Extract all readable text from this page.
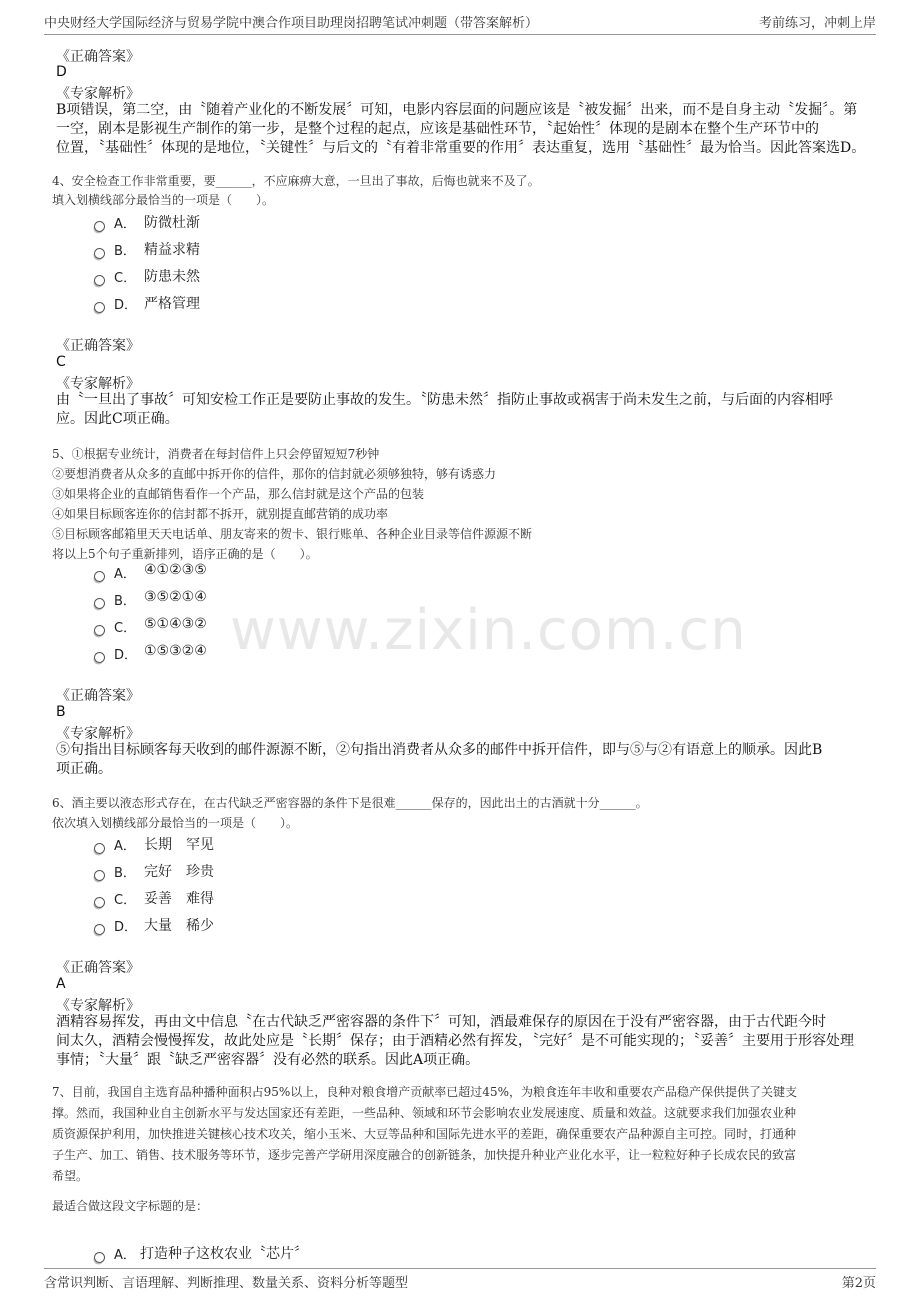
中央财经大学国际经济与贸易学院中澳合作项目助理岗招聘笔试冲刺题（带答案解析）	考前练习，冲刺上岸
《正确答案》
D
《专家解析》
B项错误，第二空，由〝随着产业化的不断发展〞可知，电影内容层面的问题应该是〝被发掘〞出来，而不是自身主动〝发掘〞。第
一空，剧本是影视生产制作的第一步，是整个过程的起点，应该是基础性环节，〝起始性〞体现的是剧本在整个生产环节中的
位置，〝基础性〞体现的是地位，〝关键性〞与后文的〝有着非常重要的作用〞表达重复，选用〝基础性〞最为恰当。因此答案选D。
4、安全检查工作非常重要，要______，不应麻痹大意，一旦出了事故，后悔也就来不及了。
填入划横线部分最恰当的一项是（　　）。
A． 防微杜渐
B． 精益求精
C． 防患未然
D． 严格管理
《正确答案》
C
《专家解析》
由〝一旦出了事故〞可知安检工作正是要防止事故的发生。〝防患未然〞指防止事故或祸害于尚未发生之前，与后面的内容相呼
应。因此C项正确。
5、①根据专业统计，消费者在每封信件上只会停留短短7秒钟
②要想消费者从众多的直邮中拆开你的信件，那你的信封就必须够独特，够有诱惑力
③如果将企业的直邮销售看作一个产品，那么信封就是这个产品的包装
④如果目标顾客连你的信封都不拆开，就别提直邮营销的成功率
⑤目标顾客邮箱里天天电话单、朋友寄来的贺卡、银行账单、各种企业目录等信件源源不断
将以上5个句子重新排列，语序正确的是（　　）。
A． ④①②③⑤
B． ③⑤②①④
C． ⑤①④③②
D． ①⑤③②④ www.zixin.com.cn
《正确答案》
B
《专家解析》
⑤句指出目标顾客每天收到的邮件源源不断，②句指出消费者从众多的邮件中拆开信件，即与⑤与②有语意上的顺承。因此B
项正确。
6、酒主要以液态形式存在，在古代缺乏严密容器的条件下是很难______保存的，因此出土的古酒就十分______。
依次填入划横线部分最恰当的一项是（　　）。
A． 长期　罕见
B． 完好　珍贵
C． 妥善　难得
D． 大量　稀少
《正确答案》
A
《专家解析》
酒精容易挥发，再由文中信息〝在古代缺乏严密容器的条件下〞可知，酒最难保存的原因在于没有严密容器，由于古代距今时
间太久，酒精会慢慢挥发，故此处应是〝长期〞保存；由于酒精必然有挥发，〝完好〞是不可能实现的；〝妥善〞主要用于形容处理
事情；〝大量〞跟〝缺乏严密容器〞没有必然的联系。因此A项正确。
7、目前，我国自主选育品种播种面积占95%以上，良种对粮食增产贡献率已超过45%，为粮食连年丰收和重要农产品稳产保供提供了关键支
撑。然而，我国种业自主创新水平与发达国家还有差距，一些品种、领域和环节会影响农业发展速度、质量和效益。这就要求我们加强农业种
质资源保护利用，加快推进关键核心技术攻关，缩小玉米、大豆等品种和国际先进水平的差距，确保重要农产品种源自主可控。同时，打通种
子生产、加工、销售、技术服务等环节，逐步完善产学研用深度融合的创新链条，加快提升种业产业化水平，让一粒粒好种子长成农民的致富
希望。
最适合做这段文字标题的是：
A． 打造种子这枚农业〝芯片〞
含常识判断、言语理解、判断推理、数量关系、资料分析等题型	第2页
